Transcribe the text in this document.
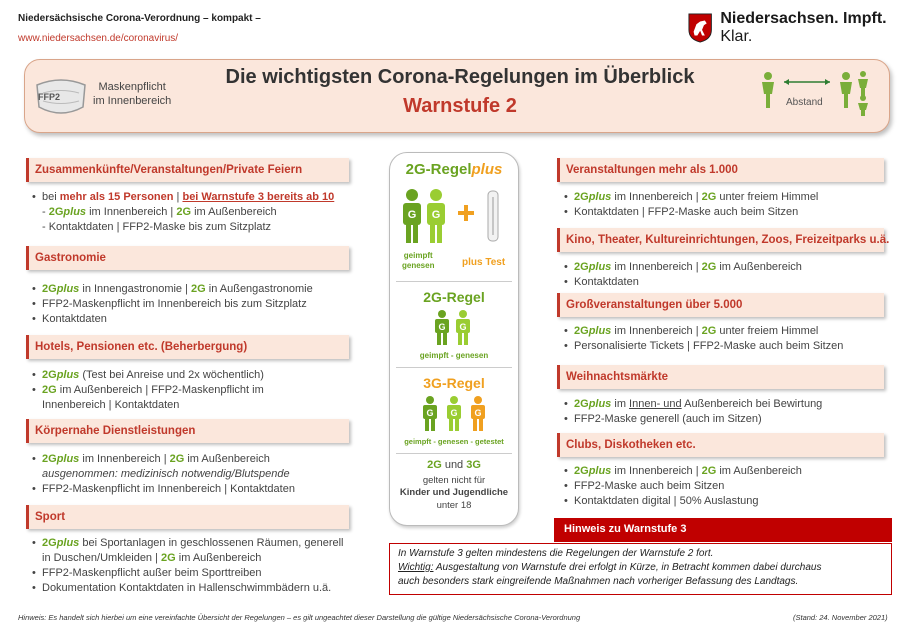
Niedersächsische Corona-Verordnung – kompakt –
www.niedersachsen.de/coronavirus/
Niedersachsen. Impft. Klar.
FFP2
Maskenpflicht
im Innenbereich
Die wichtigsten Corona-Regelungen im Überblick
Warnstufe 2	Abstand
Zusammenkünfte/Veranstaltungen/Private Feiern
• bei mehr als 15 Personen | bei Warnstufe 3 bereits ab 10
- 2Gplus im Innenbereich | 2G im Außenbereich
- Kontaktdaten | FFP2-Maske bis zum Sitzplatz
Gastronomie
• 2Gplus in Innengastronomie | 2G in Außengastronomie
• FFP2-Maskenpflicht im Innenbereich bis zum Sitzplatz
• Kontaktdaten
Hotels, Pensionen etc. (Beherbergung)
• 2Gplus (Test bei Anreise und 2x wöchentlich)
• 2G im Außenbereich | FFP2-Maskenpflicht im
Innenbereich | Kontaktdaten
Körpernahe Dienstleistungen
• 2Gplus im Innenbereich | 2G im Außenbereich
ausgenommen: medizinisch notwendig/Blutspende
• FFP2-Maskenpflicht im Innenbereich | Kontaktdaten
Sport
• 2Gplus bei Sportanlagen in geschlossenen Räumen, generell
in Duschen/Umkleiden | 2G im Außenbereich
• FFP2-Maskenpflicht außer beim Sporttreiben
• Dokumentation Kontaktdaten in Hallenschwimmbädern u.ä.
2G-Regelplus
G G
geimpft
genesen	plus Test
2G-Regel
G G
geimpft - genesen
3G-Regel
G G G
geimpft - genesen - getestet
2G und 3G
gelten nicht für
Kinder und Jugendliche
unter 18
Veranstaltungen mehr als 1.000
• 2Gplus im Innenbereich | 2G unter freiem Himmel
• Kontaktdaten | FFP2-Maske auch beim Sitzen
Kino, Theater, Kultureinrichtungen, Zoos, Freizeitparks u.ä.
• 2Gplus im Innenbereich | 2G im Außenbereich
• Kontaktdaten
Großveranstaltungen über 5.000
• 2Gplus im Innenbereich | 2G unter freiem Himmel
• Personalisierte Tickets | FFP2-Maske auch beim Sitzen
Weihnachtsmärkte
• 2Gplus im Innen- und Außenbereich bei Bewirtung
• FFP2-Maske generell (auch im Sitzen)
Clubs, Diskotheken etc.
• 2Gplus im Innenbereich | 2G im Außenbereich
• FFP2-Maske auch beim Sitzen
• Kontaktdaten digital | 50% Auslastung
Hinweis zu Warnstufe 3
In Warnstufe 3 gelten mindestens die Regelungen der Warnstufe 2 fort.
Wichtig: Ausgestaltung von Warnstufe drei erfolgt in Kürze, in Betracht kommen dabei durchaus
auch besonders stark eingreifende Maßnahmen nach vorheriger Befassung des Landtags.
Hinweis: Es handelt sich hierbei um eine vereinfachte Übersicht der Regelungen – es gilt ungeachtet dieser Darstellung die gültige Niedersächsische Corona-Verordnung	(Stand: 24. November 2021)
